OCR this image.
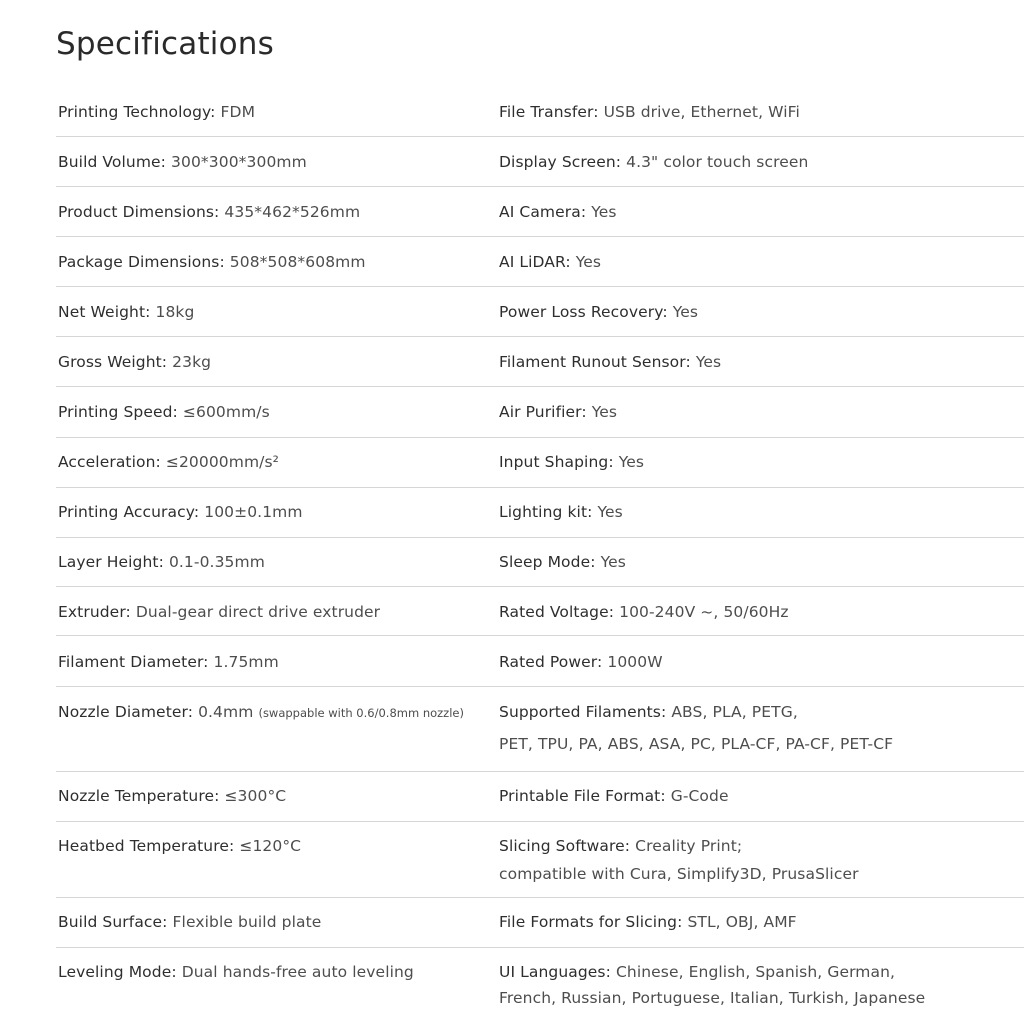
Specifications

Printing Technology: FDM	File Transfer: USB drive, Ethernet, WiFi

Build Volume: 300*300*300mm	Display Screen: 4.3" color touch screen

Product Dimensions: 435*462*526mm	AI Camera: Yes

Package Dimensions: 508*508*608mm	AI LiDAR: Yes

Net Weight: 18kg	Power Loss Recovery: Yes

Gross Weight: 23kg	Filament Runout Sensor: Yes

Printing Speed: ≤600mm/s	Air Purifier: Yes

Acceleration: ≤20000mm/s²	Input Shaping: Yes

Printing Accuracy: 100±0.1mm	Lighting kit: Yes

Layer Height: 0.1-0.35mm	Sleep Mode: Yes

Extruder: Dual-gear direct drive extruder	Rated Voltage: 100-240V ~, 50/60Hz

Filament Diameter: 1.75mm	Rated Power: 1000W

Nozzle Diameter: 0.4mm (swappable with 0.6/0.8mm nozzle) Supported Filaments: ABS, PLA, PETG,

PET, TPU, PA, ABS, ASA, PC, PLA-CF, PA-CF, PET-CF

Nozzle Temperature: ≤300°C	Printable File Format: G-Code

Heatbed Temperature: ≤120°C	Slicing Software: Creality Print;

compatible with Cura, Simplify3D, PrusaSlicer

Build Surface: Flexible build plate	File Formats for Slicing: STL, OBJ, AMF

Leveling Mode: Dual hands-free auto leveling	UI Languages: Chinese, English, Spanish, German,

French, Russian, Portuguese, Italian, Turkish, Japanese
